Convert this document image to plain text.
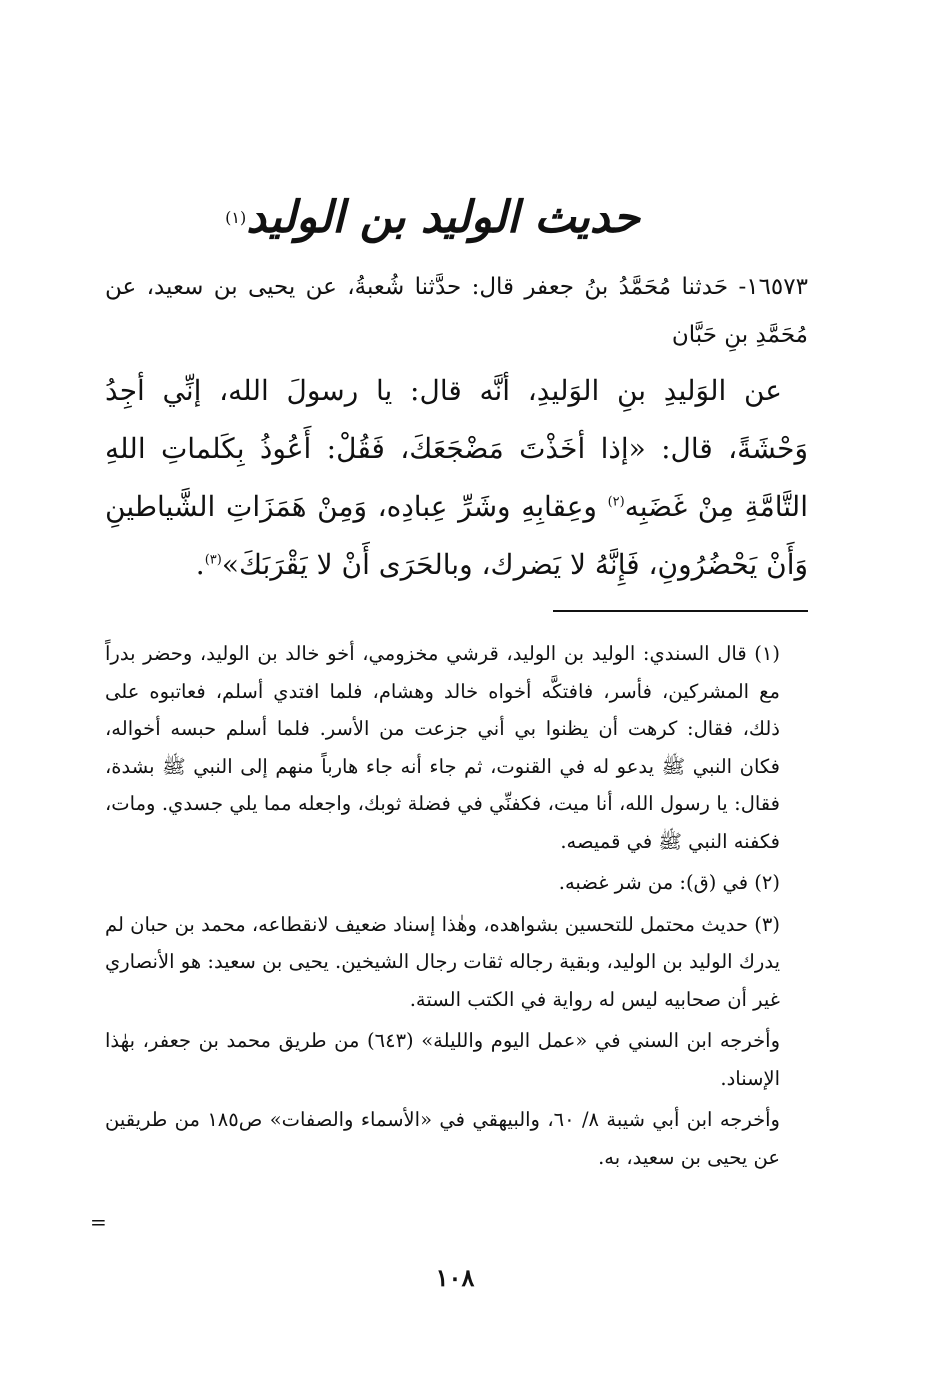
حديث الوليد بن الوليد$^{(١)}$
١٦٥٧٣- حَدثنا مُحَمَّدُ بنُ جعفر قال: حدَّثنا شُعبةُ، عن يحيى بن سعيد، عن مُحَمَّدِ بنِ حَبَّان
عن الوَليدِ بنِ الوَليدِ، أنَّه قال: يا رسولَ الله، إنِّي أجِدُ وَحْشَةً، قال: «إذا أخَذْتَ مَضْجَعَكَ، فَقُلْ: أَعُوذُ بِكَلماتِ اللهِ التَّامَّةِ مِنْ غَضَبِه$^{(٢)}$ وعِقابِهِ وشَرِّ عِبادِه، وَمِنْ هَمَزَاتِ الشَّياطينِ وَأَنْ يَحْضُرُونِ، فَإِنَّهُ لا يَضرك، وبالحَرَى أَنْ لا يَقْرَبَكَ»$^{(٣)}$.

(١) قال السندي: الوليد بن الوليد، قرشي مخزومي، أخو خالد بن الوليد، وحضر بدراً مع المشركين، فأسر، فافتكَّه أخواه خالد وهشام، فلما افتدي أسلم، فعاتبوه على ذلك، فقال: كرهت أن يظنوا بي أني جزعت من الأسر. فلما أسلم حبسه أخواله، فكان النبي ﷺ يدعو له في القنوت، ثم جاء أنه جاء هارباً منهم إلى النبي ﷺ بشدة، فقال: يا رسول الله، أنا ميت، فكفنِّي في فضلة ثوبك، واجعله مما يلي جسدي. ومات، فكفنه النبي ﷺ في قميصه.

(٢) في (ق): من شر غضبه.

(٣) حديث محتمل للتحسين بشواهده، وهٰذا إسناد ضعيف لانقطاعه، محمد بن حبان لم يدرك الوليد بن الوليد، وبقية رجاله ثقات رجال الشيخين. يحيى بن سعيد: هو الأنصاري غير أن صحابيه ليس له رواية في الكتب الستة.

وأخرجه ابن السني في «عمل اليوم والليلة» (٦٤٣) من طريق محمد بن جعفر، بهٰذا الإسناد.

وأخرجه ابن أبي شيبة ٨/ ٦٠، والبيهقي في «الأسماء والصفات» ص١٨٥ من طريقين عن يحيى بن سعيد، به.

=
١٠٨
